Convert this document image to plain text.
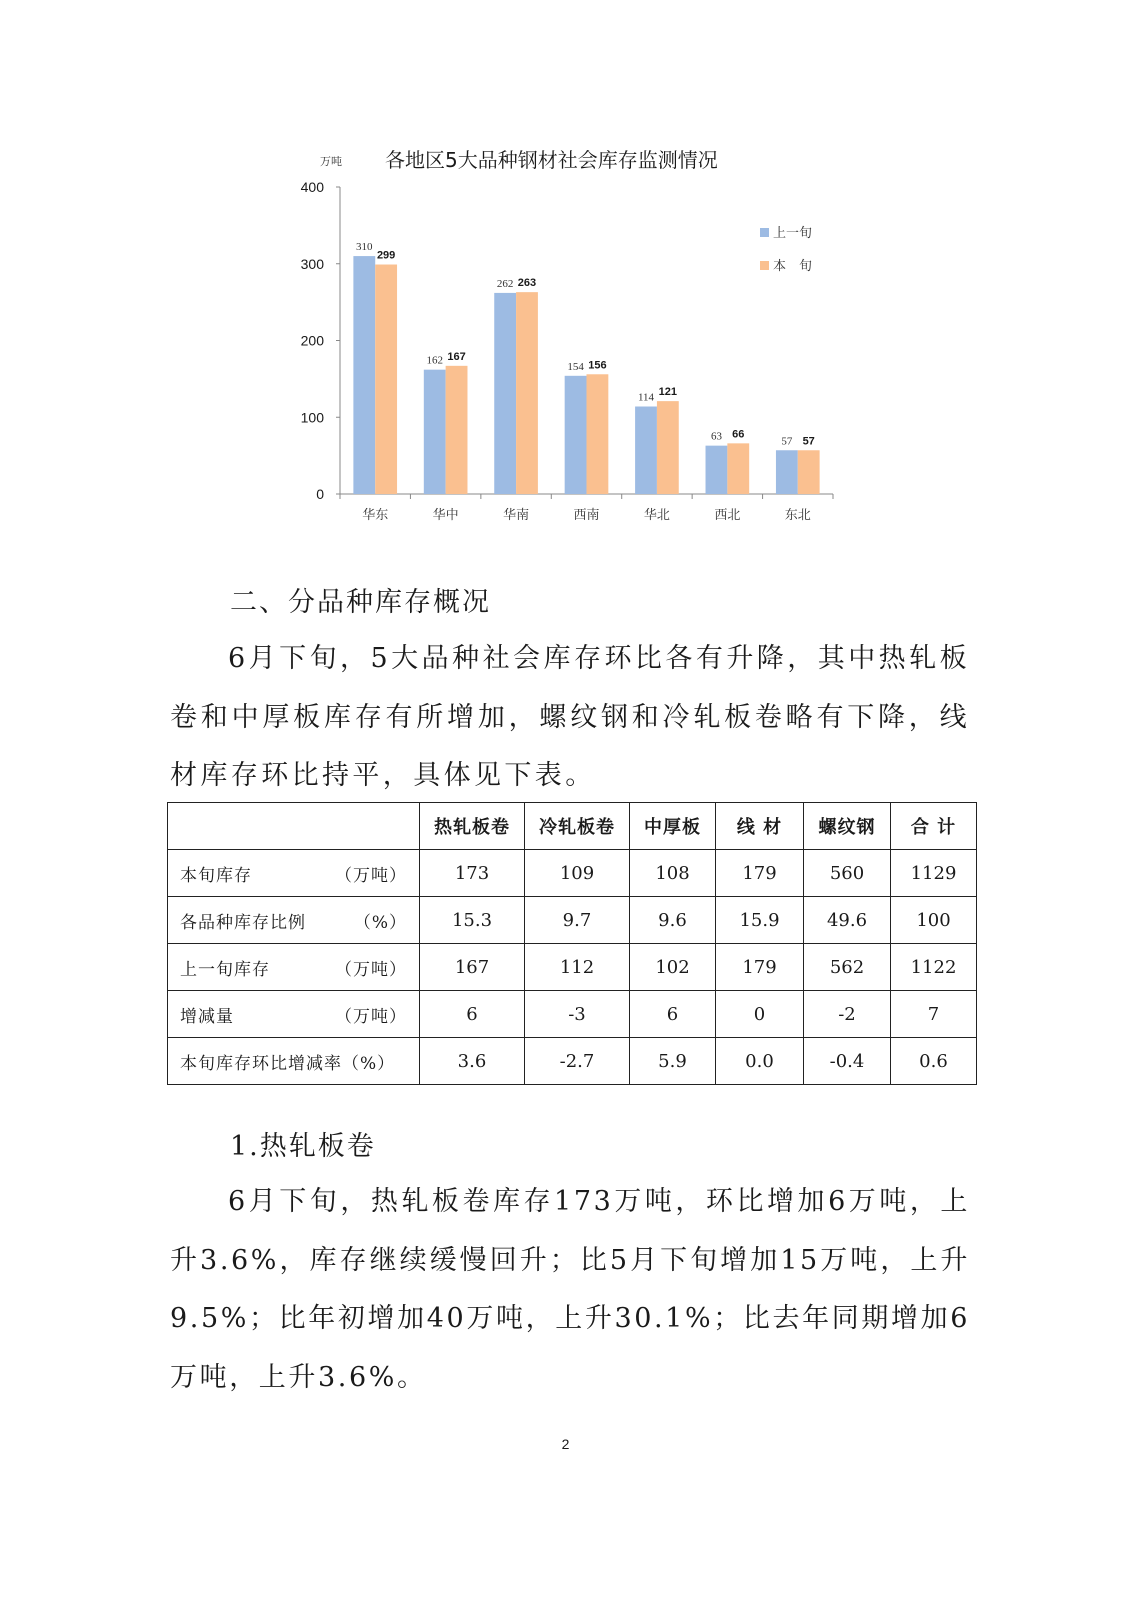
各地区5大品种钢材社会库存监测情况
万吨
0
100
200
300
400
310
299
华东
162 167
华中
262 263
华南
154 156
西南
114 121
华北
63 66
西北
57 57
东北
上一旬
本　旬
二、分品种库存概况

6月下旬，5大品种社会库存环比各有升降，其中热轧板卷和中厚板库存有所增加，螺纹钢和冷轧板卷略有下降，线材库存环比持平，具体见下表。

	热轧板卷	冷轧板卷	中厚板	线 材	螺纹钢	合 计

本旬库存 （万吨）	173	109	108	179	560	1129

各品种库存比例 （%）	15.3	9.7	9.6	15.9	49.6	100

上一旬库存 （万吨）	167	112	102	179	562	1122

增减量 （万吨）	6	-3	6	0	-2	7

本旬库存环比增减率（%）	3.6	-2.7	5.9	0.0	-0.4	0.6
1.热轧板卷

6月下旬，热轧板卷库存173万吨，环比增加6万吨，上升3.6%，库存继续缓慢回升；比5月下旬增加15万吨，上升9.5%；比年初增加40万吨，上升30.1%；比去年同期增加6万吨，上升3.6%。

2
